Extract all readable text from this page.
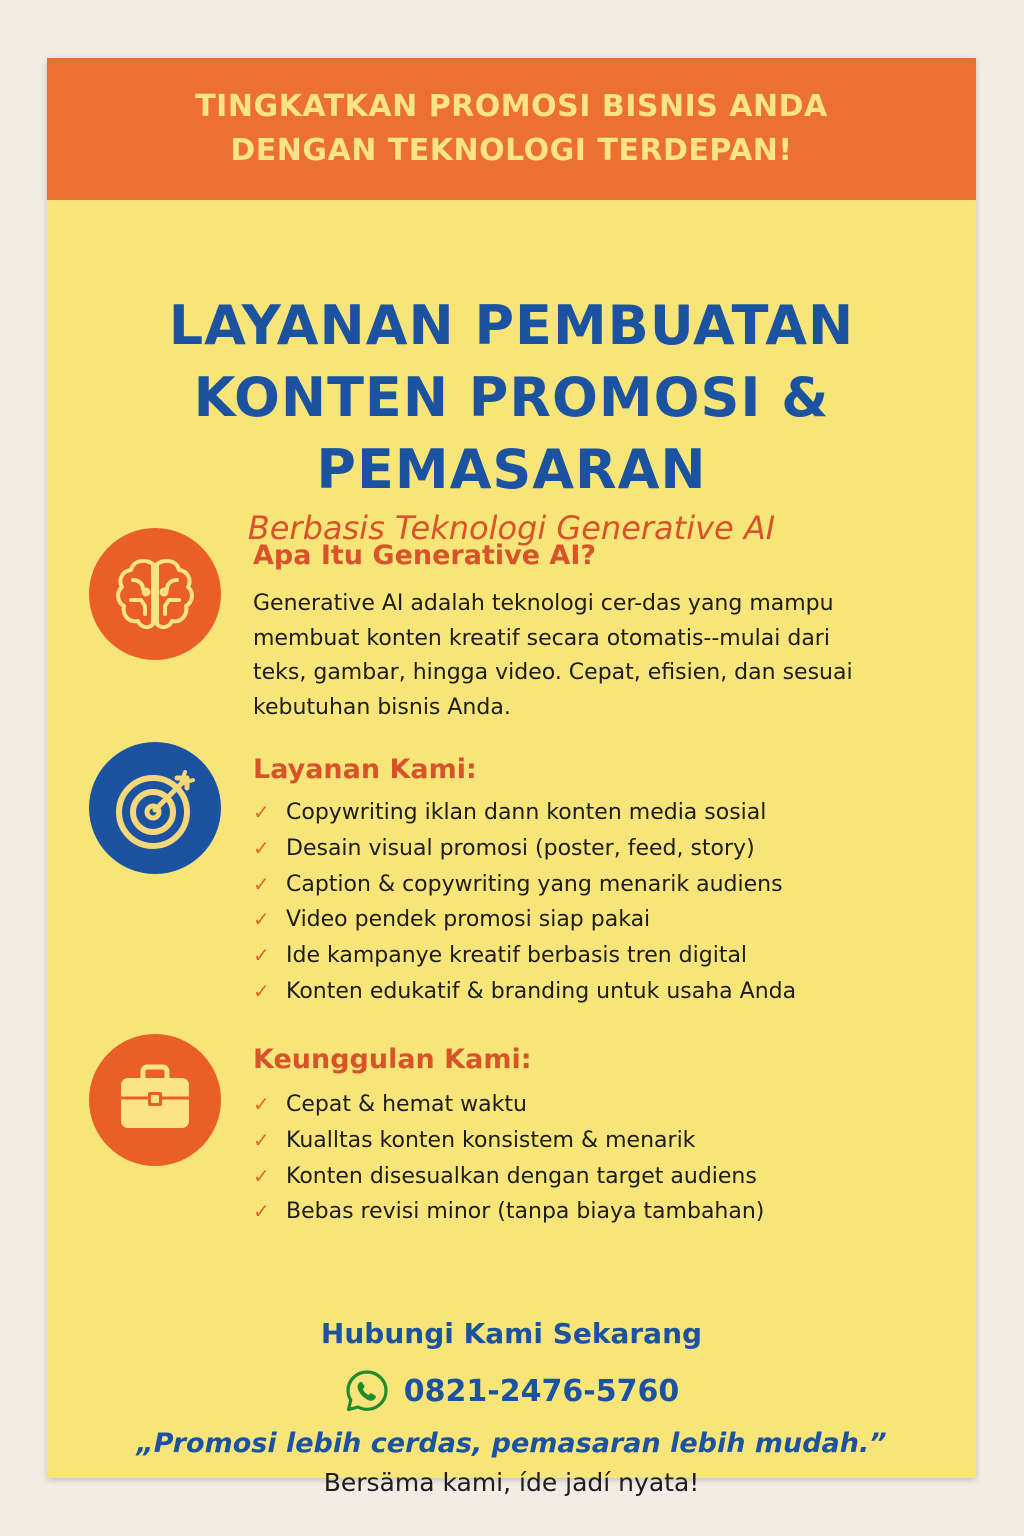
TINGKATKAN PROMOSI BISNIS ANDA
DENGAN TEKNOLOGI TERDEPAN!
LAYANAN PEMBUATAN
KONTEN PROMOSI &
PEMASARAN
Berbasis Teknologi Generative AI
Apa Itu Generative AI?
Generative AI adalah teknologi cer-das yang mampu
membuat konten kreatif secara otomatis--mulai dari
teks, gambar, hingga video. Cepat, efisien, dan sesuai
kebutuhan bisnis Anda.
Layanan Kami:
✓ Copywriting iklan dann konten media sosial
✓ Desain visual promosi (poster, feed, story)
✓ Caption & copywriting yang menarik audiens
✓ Video pendek promosi siap pakai
✓ Ide kampanye kreatif berbasis tren digital
✓ Konten edukatif & branding untuk usaha Anda
Keunggulan Kami:
✓ Cepat & hemat waktu
✓ Kualltas konten konsistem & menarik
✓ Konten disesualkan dengan target audiens
✓ Bebas revisi minor (tanpa biaya tambahan)
Hubungi Kami Sekarang
0821-2476-5760
„Promosi lebih cerdas, pemasaran lebih mudah.”
Bersäma kami, íde jadí nyata!
